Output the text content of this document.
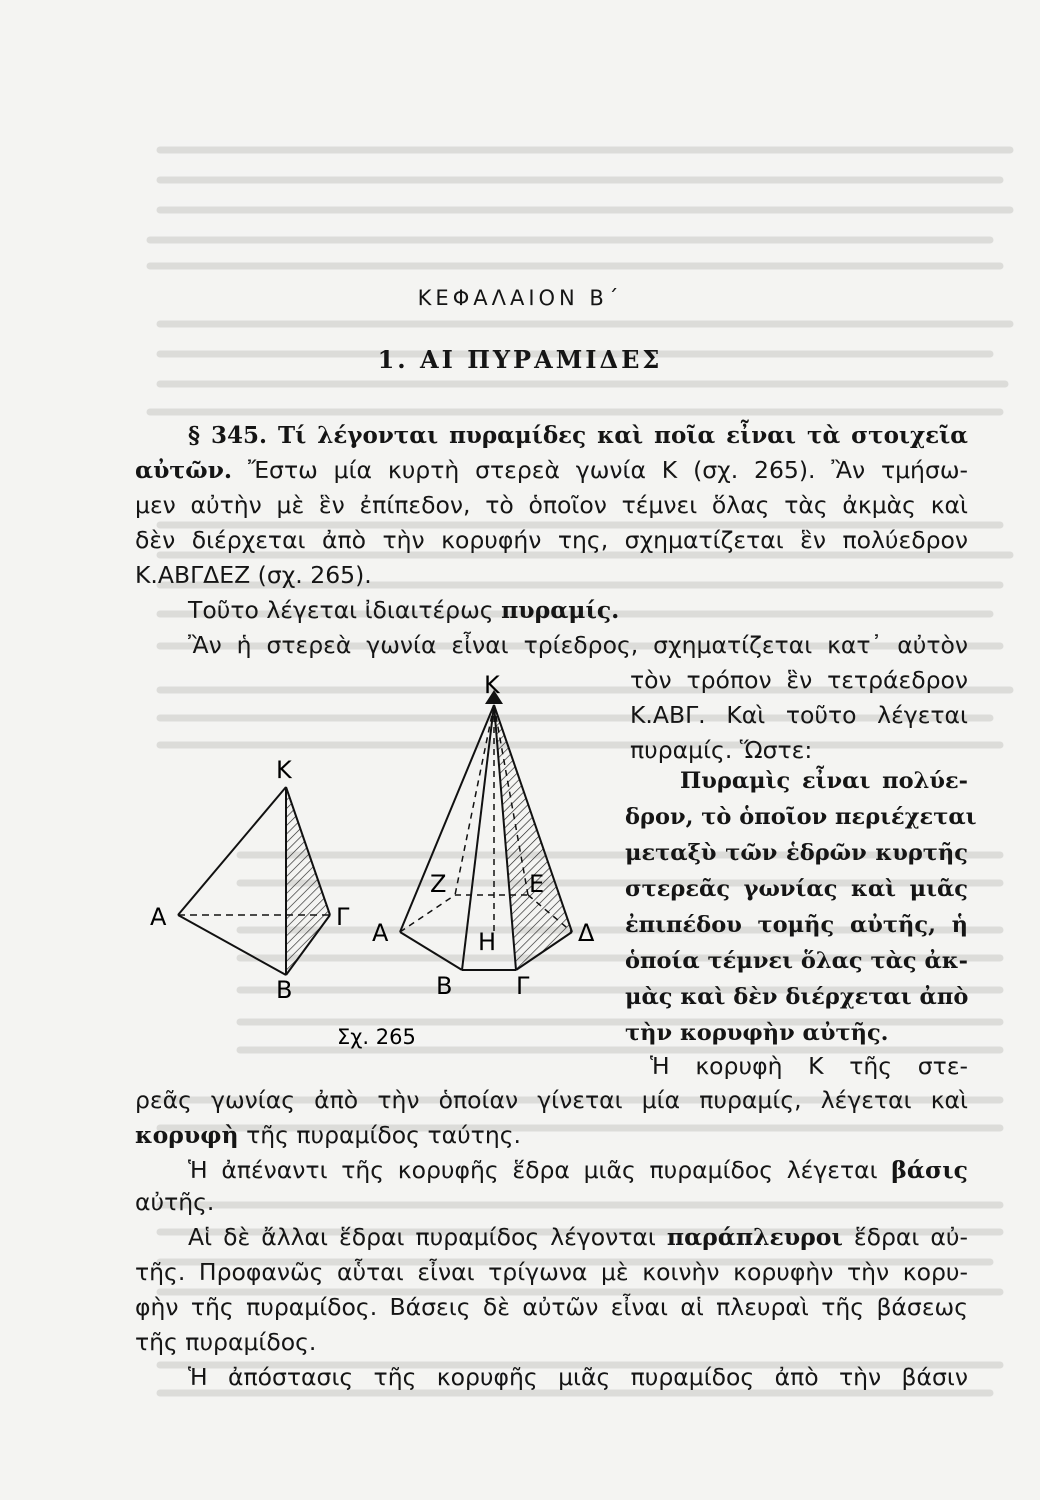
ΚΕΦΑΛΑΙΟΝ Β΄
1. ΑΙ ΠΥΡΑΜΙΔΕΣ
§ 345. Τί λέγονται πυραμίδες καὶ ποῖα εἶναι τὰ στοιχεῖα
αὐτῶν. Ἔστω μία κυρτὴ στερεὰ γωνία Κ (σχ. 265). Ἂν τμήσω-
μεν αὐτὴν μὲ ἓν ἐπίπεδον, τὸ ὁποῖον τέμνει ὅλας τὰς ἀκμὰς καὶ
δὲν διέρχεται ἀπὸ τὴν κορυφήν της, σχηματίζεται ἓν πολύεδρον
Κ.ΑΒΓΔΕΖ (σχ. 265).
Τοῦτο λέγεται ἰδιαιτέρως πυραμίς.
Ἂν ἡ στερεὰ γωνία εἶναι τρίεδρος, σχηματίζεται κατ᾿ αὐτὸν
τὸν τρόπον ἓν τετράεδρον
Κ.ΑΒΓ. Καὶ τοῦτο λέγεται
πυραμίς. Ὥστε:
Πυραμὶς εἶναι πολύε-
δρον, τὸ ὁποῖον περιέχεται
μεταξὺ τῶν ἑδρῶν κυρτῆς
στερεᾶς γωνίας καὶ μιᾶς
ἐπιπέδου τομῆς αὐτῆς, ἡ
ὁποία τέμνει ὅλας τὰς ἀκ-
μὰς καὶ δὲν διέρχεται ἀπὸ
τὴν κορυφὴν αὐτῆς.
Ἡ κορυφὴ Κ τῆς στε-
ρεᾶς γωνίας ἀπὸ τὴν ὁποίαν γίνεται μία πυραμίς, λέγεται καὶ
κορυφὴ τῆς πυραμίδος ταύτης.
Ἡ ἀπέναντι τῆς κορυφῆς ἕδρα μιᾶς πυραμίδος λέγεται βάσις
αὐτῆς.
Αἱ δὲ ἄλλαι ἕδραι πυραμίδος λέγονται παράπλευροι ἕδραι αὐ-
τῆς. Προφανῶς αὗται εἶναι τρίγωνα μὲ κοινὴν κορυφὴν τὴν κορυ-
φὴν τῆς πυραμίδος. Βάσεις δὲ αὐτῶν εἶναι αἱ πλευραὶ τῆς βάσεως
τῆς πυραμίδος.
Ἡ ἀπόστασις τῆς κορυφῆς μιᾶς πυραμίδος ἀπὸ τὴν βάσιν
Κ
Α	Γ
Β
Κ
Ζ	Ε
Α	Η	Δ
Β	Γ
Σχ. 265
